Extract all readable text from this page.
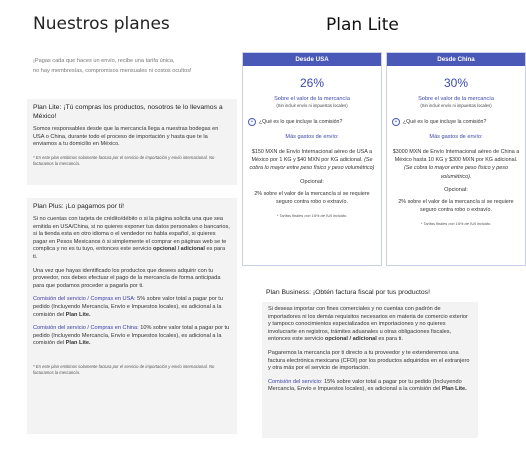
Nuestros planes
¡Pagas cada que haces un envío, recibe una tarifa única,
no hay membresías, compromisos mensuales ni costos ocultos!
Plan Lite: ¡Tú compras los productos, nosotros te lo llevamos a México!
Somos responsables desde que la mercancía llega a nuestras bodegas en USA o China, durante todo el proceso de importación y hasta que te la enviamos a tu domicilio en México.
* En este plan emitimos solamente factura por el servicio de importación y envío internacional. No facturamos la mercancía.
Plan Plus: ¡Lo pagamos por ti!
Si no cuentas con tarjeta de crédito/débito o si la página solicita una que sea emitida en USA/China, si no quieres exponer tus datos personales o bancarios, si la tienda esta en otro idioma o el vendedor no habla español, si quieres pagar en Pesos Mexicanos ó si simplemente el comprar en páginas web se te complica y no es tu tuyo, entonces este servicio opcional / adicional es para ti.
Una vez que hayas identificado los productos que desees adquirir con tu proveedor, nos debes efectuar el pago de la mercancía de forma anticipada para que podamos proceder a pagarla por ti.
Comisión del servicio / Compras en USA: 5% sobre valor total a pagar por tu pedido (Incluyendo Mercancía, Envío e Impuestos locales), es adicional a la comisión del Plan Lite.
Comisión del servicio / Compras en China: 10% sobre valor total a pagar por tu pedido (Incluyendo Mercancía, Envío e Impuestos locales), es adicional a la comisión del Plan Lite.
* En este plan emitimos solamente factura por el servicio de importación y envío internacional. No facturamos la mercancía.
Plan Lite
Desde USA
26%
Sobre el valor de la mercancía
(Sin incluir envío ni impuestos locales)
+	¿Qué es lo que incluye la comisión?
Más gastos de envío:
$150 MXN de Envío Internacional aéreo de USA a México por 1 KG y $40 MXN por KG adicional. (Se cobra lo mayor entre peso físico y peso volumétrico)
Opcional:
2% sobre el valor de la mercancía si se requiere seguro contra robo o extravío.
* Tarifas finales con 16% de IVA incluido.
Desde China
30%
Sobre el valor de la mercancía
(Sin incluir envío ni impuestos locales)
+	¿Qué es lo que incluye la comisión?
Más gastos de envío:
$3000 MXN de Envío Internacional aéreo de China a México hasta 10 KG y $300 MXN por KG adicional. (Se cobra lo mayor entre peso físico y peso volumétrico).
Opcional:
2% sobre el valor de la mercancía si se requiere seguro contra robo o extravío.
* Tarifas finales con 16% de IVA incluido.
Plan Business: ¡Obtén factura fiscal por tus productos!
Si deseas importar con fines comerciales y no cuentas con padrón de importadores ni los demás requisitos necesarios en materia de comercio exterior y tampoco conocimientos especializados en importaciones y no quieres involucrarte en registros, trámites aduanales u otras obligaciones fiscales, entonces este servicio opcional / adicional es para ti.
Pagaremos la mercancía por ti directo a tu proveedor y te extenderemos una factura electrónica mexicana (CFDI) por los productos adquiridos en el extranjero y otra más por el servicio de importación.
Comisión del servicio: 15% sobre valor total a pagar por tu pedido (Incluyendo Mercancía, Envío e Impuestos locales), es adicional a la comisión del Plan Lite.
